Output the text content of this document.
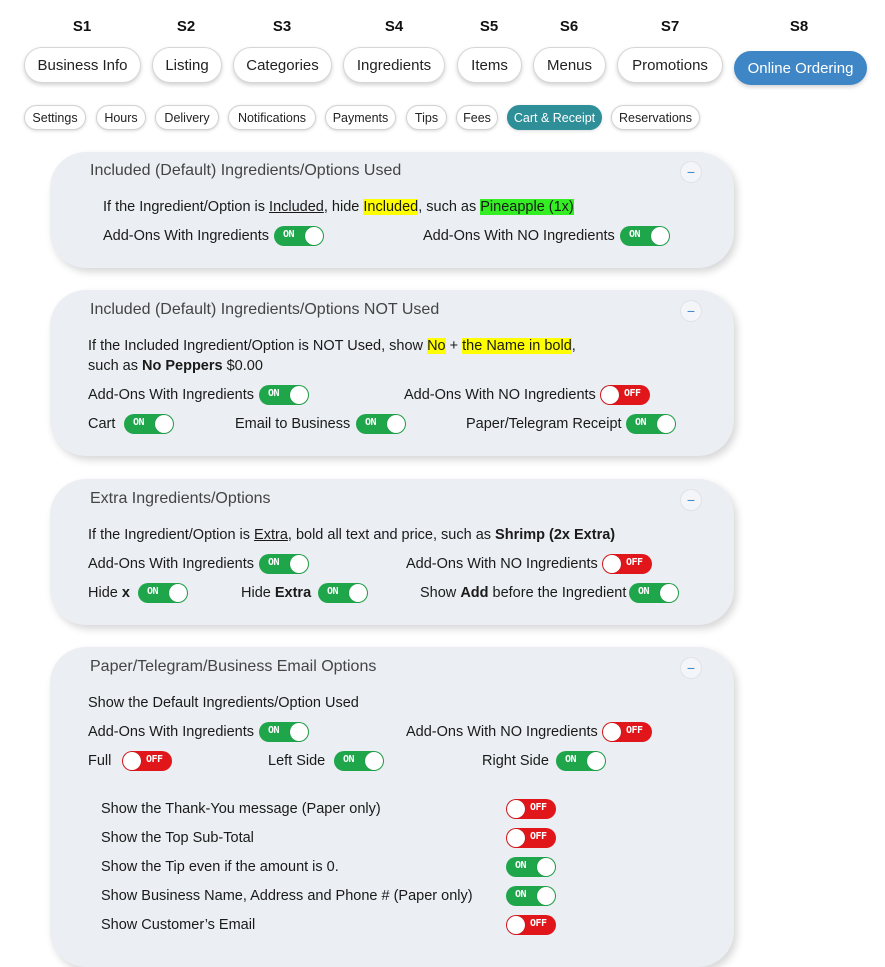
S1	S2	S3	S4	S5	S6	S7	S8
Business Info	Listing	Categories	Ingredients	Items	Menus	Promotions	Online Ordering
Settings	Hours	Delivery	Notifications	Payments	Tips	Fees	Cart & Receipt	Reservations
Included (Default) Ingredients/Options Used	−
If the Ingredient/Option is Included, hide Included, such as Pineapple (1x)
Add-Ons With Ingredients ON	Add-Ons With NO Ingredients ON
Included (Default) Ingredients/Options NOT Used	−
If the Included Ingredient/Option is NOT Used, show No + the Name in bold,
such as No Peppers $0.00
Add-Ons With Ingredients ON	Add-Ons With NO Ingredients	OFF
Cart ON	Email to Business ON	Paper/Telegram Receipt ON
Extra Ingredients/Options	−
If the Ingredient/Option is Extra, bold all text and price, such as Shrimp (2x Extra)
Add-Ons With Ingredients ON	Add-Ons With NO Ingredients	OFF
Hide x ON	Hide Extra ON	Show Add before the Ingredient ON
Paper/Telegram/Business Email Options	−
Show the Default Ingredients/Option Used
Add-Ons With Ingredients ON	Add-Ons With NO Ingredients	OFF
Full	OFF	Left Side ON	Right Side ON
Show the Thank-You message (Paper only)	OFF
Show the Top Sub-Total	OFF
Show the Tip even if the amount is 0.	ON
Show Business Name, Address and Phone # (Paper only)	ON
Show Customer’s Email	OFF
